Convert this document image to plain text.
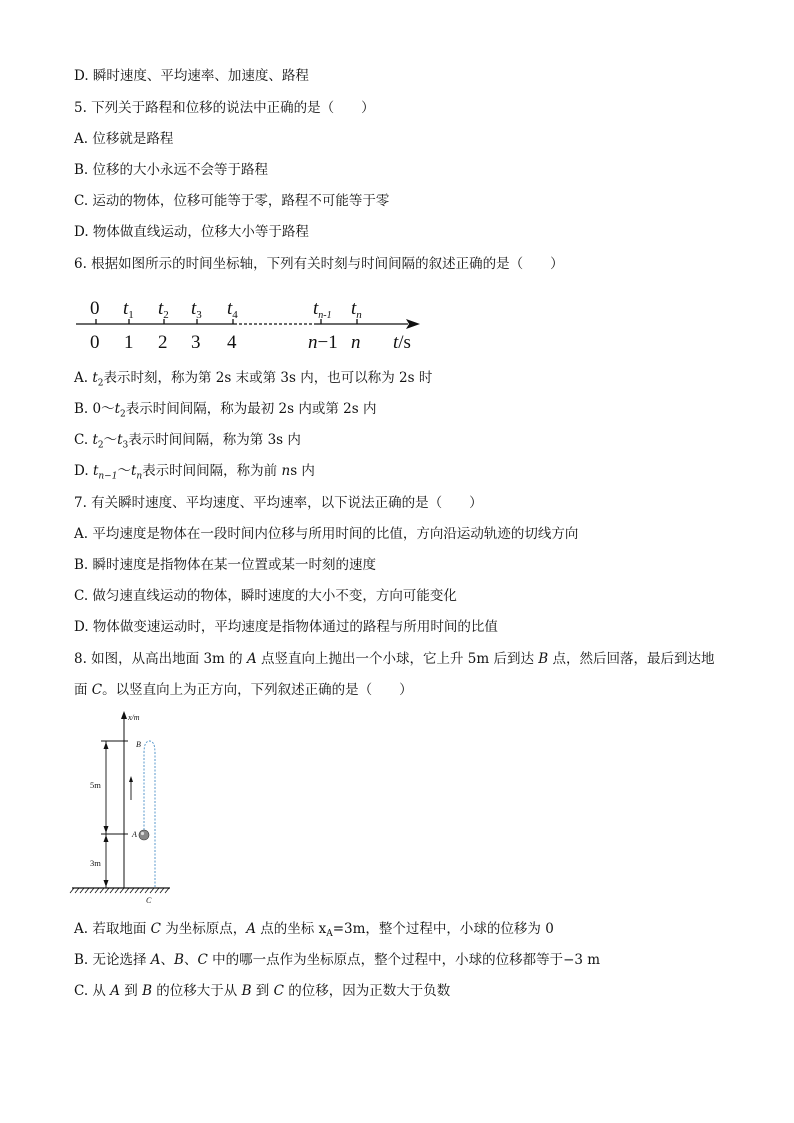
D. 瞬时速度、平均速率、加速度、路程
5. 下列关于路程和位移的说法中正确的是（　　）
A. 位移就是路程
B. 位移的大小永远不会等于路程
C. 运动的物体，位移可能等于零，路程不可能等于零
D. 物体做直线运动，位移大小等于路程
6. 根据如图所示的时间坐标轴，下列有关时刻与时间间隔的叙述正确的是（　　）
0 $t_1$ $t_2$ $t_3$ $t_4$	$t_{n-1}$ $t_n$
0 1 2 3 4	n−1 n t/s
A. $t_2$表示时刻，称为第 2s 末或第 3s 内，也可以称为 2s 时
B. $0\sim t_2$表示时间间隔，称为最初 2s 内或第 2s 内
C. $t_2\sim t_3$表示时间间隔，称为第 3s 内
D. $t_{n-1}\sim t_n$表示时间间隔，称为前 ns 内
7. 有关瞬时速度、平均速度、平均速率，以下说法正确的是（　　）
A. 平均速度是物体在一段时间内位移与所用时间的比值，方向沿运动轨迹的切线方向
B. 瞬时速度是指物体在某一位置或某一时刻的速度
C. 做匀速直线运动的物体，瞬时速度的大小不变，方向可能变化
D. 物体做变速运动时，平均速度是指物体通过的路程与所用时间的比值
8. 如图，从高出地面 3m 的 A 点竖直向上抛出一个小球，它上升 5m 后到达 B 点，然后回落，最后到达地
面 C。以竖直向上为正方向，下列叙述正确的是（　　）
x/m
5m
3m
B
A
C
A. 若取地面 C 为坐标原点，A 点的坐标 $x_A=3m$，整个过程中，小球的位移为 0
B. 无论选择 A、B、C 中的哪一点作为坐标原点，整个过程中，小球的位移都等于−3 m
C. 从 A 到 B 的位移大于从 B 到 C 的位移，因为正数大于负数
